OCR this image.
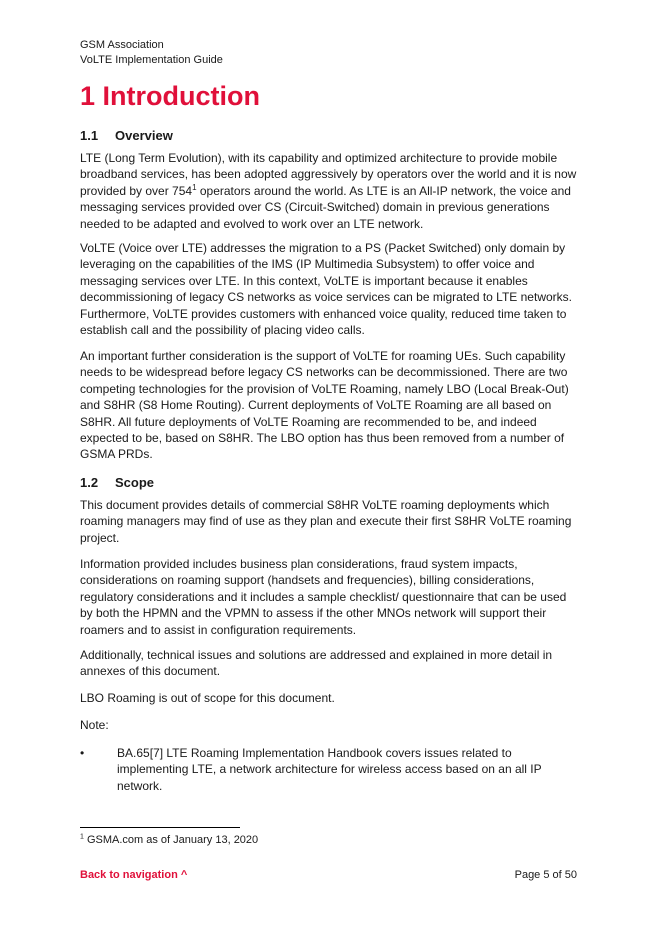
GSM Association
VoLTE Implementation Guide
1 Introduction
1.1 Overview

LTE (Long Term Evolution), with its capability and optimized architecture to provide mobile broadband services, has been adopted aggressively by operators over the world and it is now provided by over 754$^1$ operators around the world. As LTE is an All-IP network, the voice and messaging services provided over CS (Circuit-Switched) domain in previous generations needed to be adapted and evolved to work over an LTE network.

VoLTE (Voice over LTE) addresses the migration to a PS (Packet Switched) only domain by leveraging on the capabilities of the IMS (IP Multimedia Subsystem) to offer voice and messaging services over LTE. In this context, VoLTE is important because it enables decommissioning of legacy CS networks as voice services can be migrated to LTE networks. Furthermore, VoLTE provides customers with enhanced voice quality, reduced time taken to establish call and the possibility of placing video calls.

An important further consideration is the support of VoLTE for roaming UEs. Such capability needs to be widespread before legacy CS networks can be decommissioned. There are two competing technologies for the provision of VoLTE Roaming, namely LBO (Local Break-Out) and S8HR (S8 Home Routing). Current deployments of VoLTE Roaming are all based on S8HR. All future deployments of VoLTE Roaming are recommended to be, and indeed expected to be, based on S8HR. The LBO option has thus been removed from a number of GSMA PRDs.

1.2 Scope

This document provides details of commercial S8HR VoLTE roaming deployments which roaming managers may find of use as they plan and execute their first S8HR VoLTE roaming project.

Information provided includes business plan considerations, fraud system impacts, considerations on roaming support (handsets and frequencies), billing considerations, regulatory considerations and it includes a sample checklist/ questionnaire that can be used by both the HPMN and the VPMN to assess if the other MNOs network will support their roamers and to assist in configuration requirements.

Additionally, technical issues and solutions are addressed and explained in more detail in annexes of this document.

LBO Roaming is out of scope for this document.

Note:

•	BA.65[7] LTE Roaming Implementation Handbook covers issues related to implementing LTE, a network architecture for wireless access based on an all IP network.
$^1$ GSMA.com as of January 13, 2020
Back to navigation ^	Page 5 of 50
